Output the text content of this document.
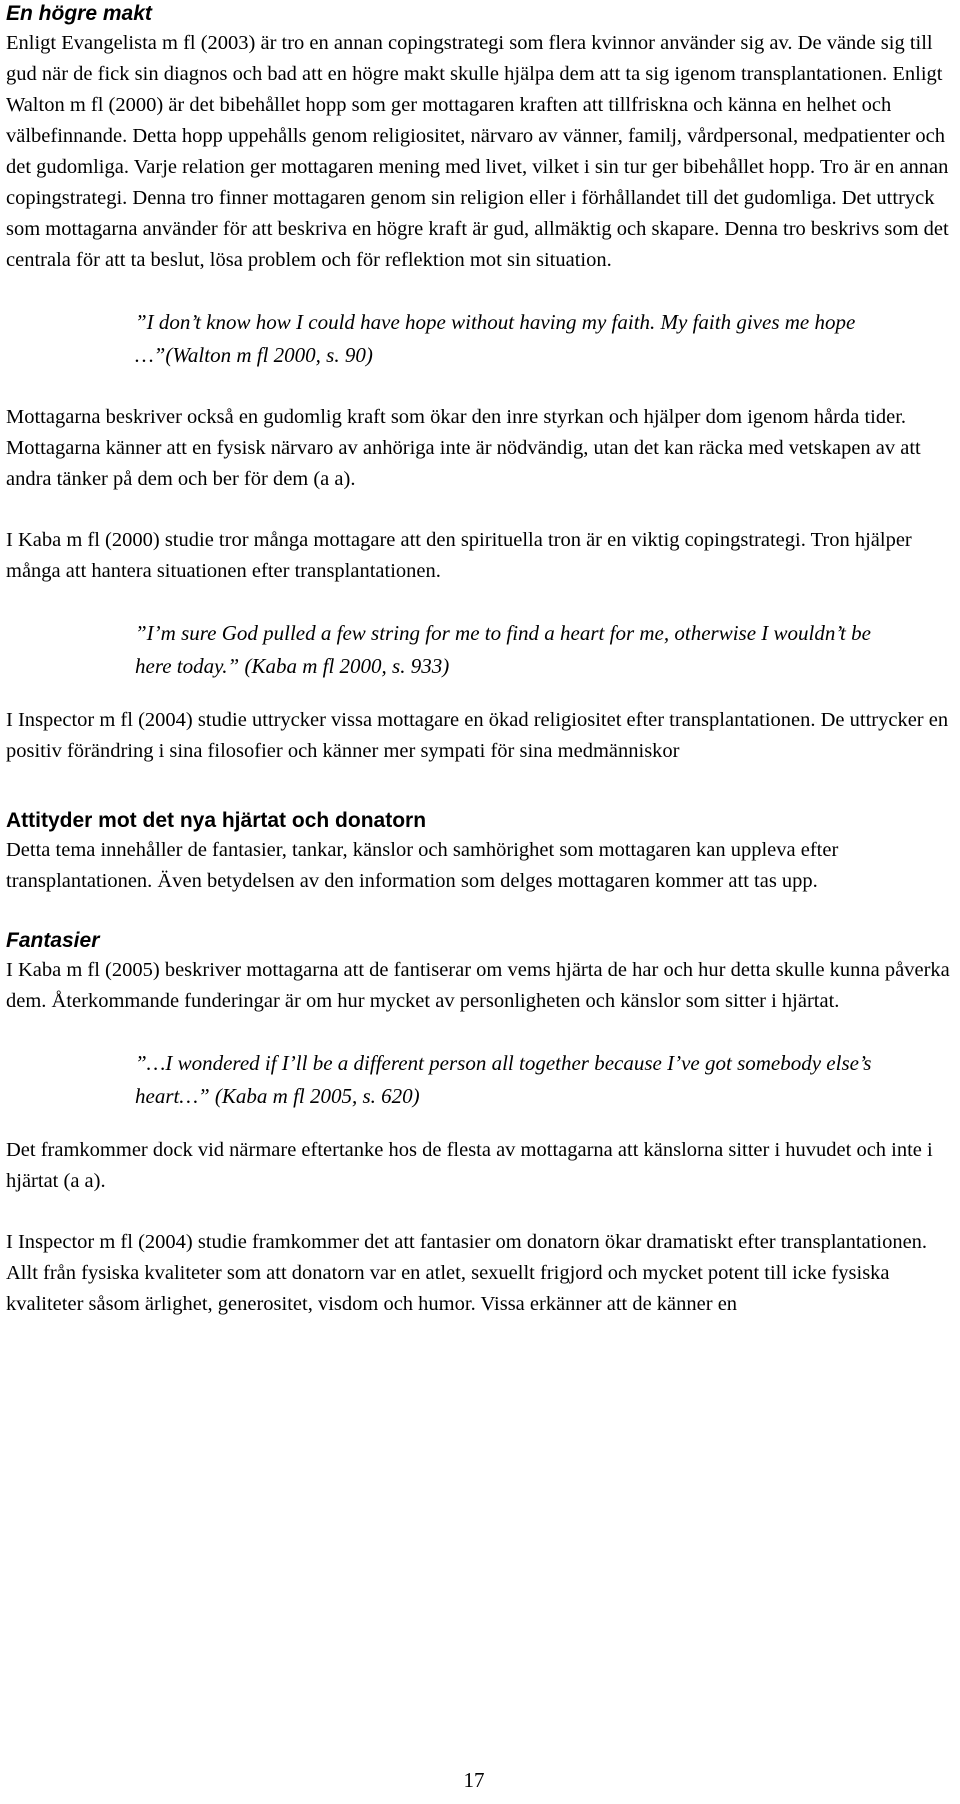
En högre makt

Enligt Evangelista m fl (2003) är tro en annan copingstrategi som flera kvinnor använder sig av. De vände sig till gud när de fick sin diagnos och bad att en högre makt skulle hjälpa dem att ta sig igenom transplantationen. Enligt Walton m fl (2000) är det bibehållet hopp som ger mottagaren kraften att tillfriskna och känna en helhet och välbefinnande. Detta hopp uppehålls genom religiositet, närvaro av vänner, familj, vårdpersonal, medpatienter och det gudomliga. Varje relation ger mottagaren mening med livet, vilket i sin tur ger bibehållet hopp. Tro är en annan copingstrategi. Denna tro finner mottagaren genom sin religion eller i förhållandet till det gudomliga. Det uttryck som mottagarna använder för att beskriva en högre kraft är gud, allmäktig och skapare. Denna tro beskrivs som det centrala för att ta beslut, lösa problem och för reflektion mot sin situation.

”I don’t know how I could have hope without having my faith. My faith gives me hope …”(Walton m fl 2000, s. 90)

Mottagarna beskriver också en gudomlig kraft som ökar den inre styrkan och hjälper dom igenom hårda tider. Mottagarna känner att en fysisk närvaro av anhöriga inte är nödvändig, utan det kan räcka med vetskapen av att andra tänker på dem och ber för dem (a a).

I Kaba m fl (2000) studie tror många mottagare att den spirituella tron är en viktig copingstrategi. Tron hjälper många att hantera situationen efter transplantationen.

”I’m sure God pulled a few string for me to find a heart for me, otherwise I wouldn’t be here today.” (Kaba m fl 2000, s. 933)

I Inspector m fl (2004) studie uttrycker vissa mottagare en ökad religiositet efter transplantationen. De uttrycker en positiv förändring i sina filosofier och känner mer sympati för sina medmänniskor

Attityder mot det nya hjärtat och donatorn

Detta tema innehåller de fantasier, tankar, känslor och samhörighet som mottagaren kan uppleva efter transplantationen. Även betydelsen av den information som delges mottagaren kommer att tas upp.

Fantasier

I Kaba m fl (2005) beskriver mottagarna att de fantiserar om vems hjärta de har och hur detta skulle kunna påverka dem. Återkommande funderingar är om hur mycket av personligheten och känslor som sitter i hjärtat.

”…I wondered if I’ll be a different person all together because I’ve got somebody else’s heart…” (Kaba m fl 2005, s. 620)

Det framkommer dock vid närmare eftertanke hos de flesta av mottagarna att känslorna sitter i huvudet och inte i hjärtat (a a).

I Inspector m fl (2004) studie framkommer det att fantasier om donatorn ökar dramatiskt efter transplantationen. Allt från fysiska kvaliteter som att donatorn var en atlet, sexuellt frigjord och mycket potent till icke fysiska kvaliteter såsom ärlighet, generositet, visdom och humor. Vissa erkänner att de känner en

17
